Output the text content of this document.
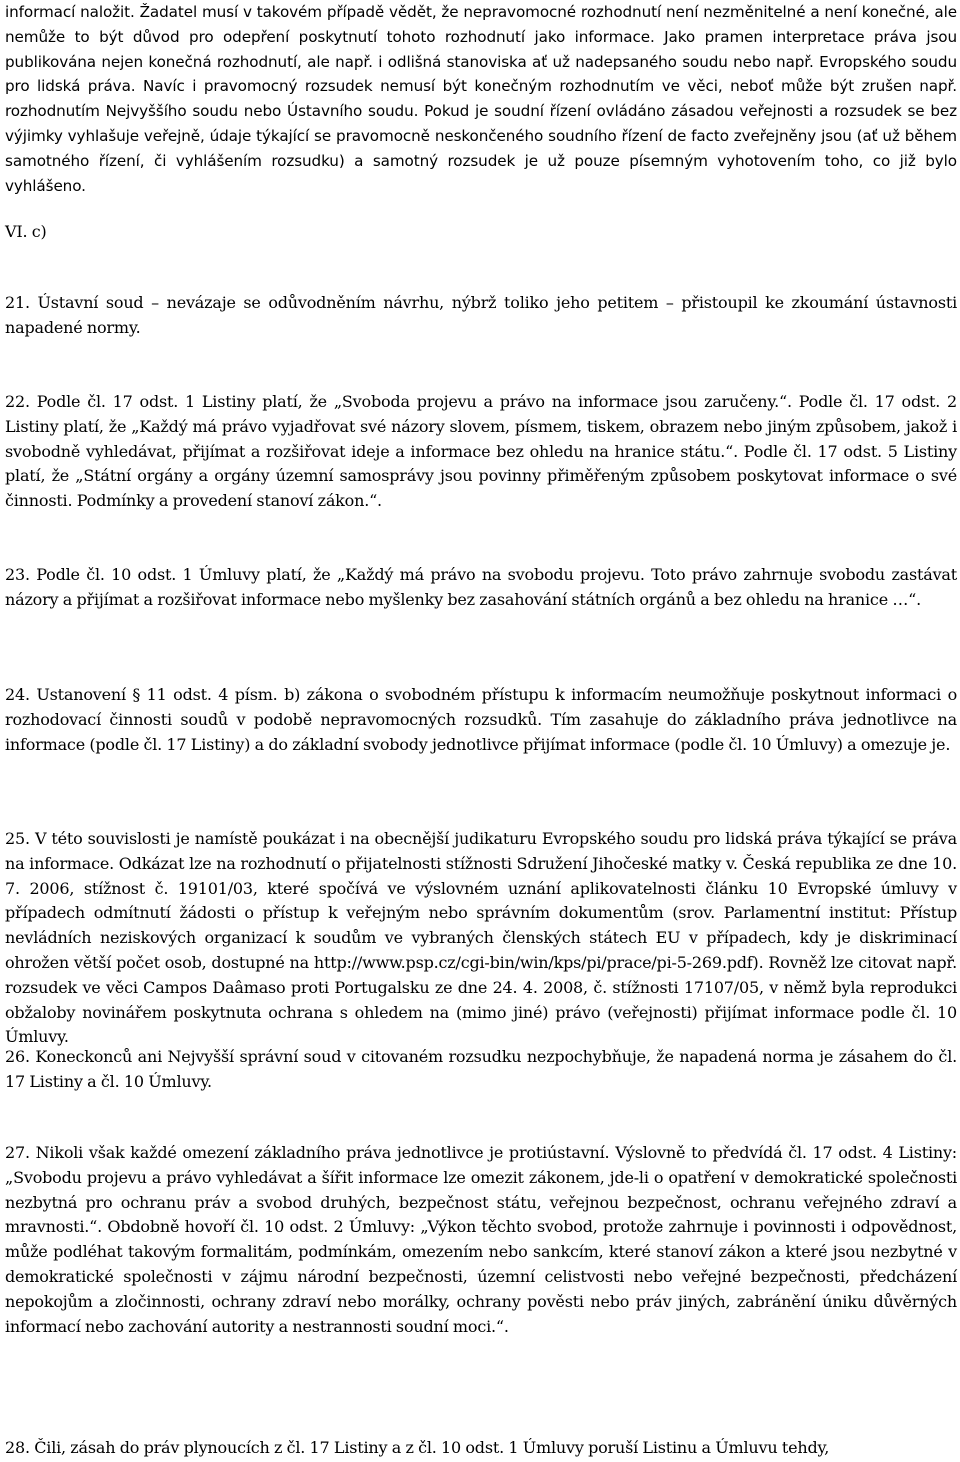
informací naložit. Žadatel musí v takovém případě vědět, že nepravomocné rozhodnutí není nezměnitelné a není konečné, ale nemůže to být důvod pro odepření poskytnutí tohoto rozhodnutí jako informace. Jako pramen interpretace práva jsou publikována nejen konečná rozhodnutí, ale např. i odlišná stanoviska ať už nadepsaného soudu nebo např. Evropského soudu pro lidská práva. Navíc i pravomocný rozsudek nemusí být konečným rozhodnutím ve věci, neboť může být zrušen např. rozhodnutím Nejvyššího soudu nebo Ústavního soudu. Pokud je soudní řízení ovládáno zásadou veřejnosti a rozsudek se bez výjimky vyhlašuje veřejně, údaje týkající se pravomocně neskončeného soudního řízení de facto zveřejněny jsou (ať už během samotného řízení, či vyhlášením rozsudku) a samotný rozsudek je už pouze písemným vyhotovením toho, co již bylo vyhlášeno.

VI. c)

21. Ústavní soud – nevázaje se odůvodněním návrhu, nýbrž toliko jeho petitem – přistoupil ke zkoumání ústavnosti napadené normy.

22. Podle čl. 17 odst. 1 Listiny platí, že „Svoboda projevu a právo na informace jsou zaručeny.“. Podle čl. 17 odst. 2 Listiny platí, že „Každý má právo vyjadřovat své názory slovem, písmem, tiskem, obrazem nebo jiným způsobem, jakož i svobodně vyhledávat, přijímat a rozšiřovat ideje a informace bez ohledu na hranice státu.“. Podle čl. 17 odst. 5 Listiny platí, že „Státní orgány a orgány územní samosprávy jsou povinny přiměřeným způsobem poskytovat informace o své činnosti. Podmínky a provedení stanoví zákon.“.

23. Podle čl. 10 odst. 1 Úmluvy platí, že „Každý má právo na svobodu projevu. Toto právo zahrnuje svobodu zastávat názory a přijímat a rozšiřovat informace nebo myšlenky bez zasahování státních orgánů a bez ohledu na hranice …“.

24. Ustanovení § 11 odst. 4 písm. b) zákona o svobodném přístupu k informacím neumožňuje poskytnout informaci o rozhodovací činnosti soudů v podobě nepravomocných rozsudků. Tím zasahuje do základního práva jednotlivce na informace (podle čl. 17 Listiny) a do základní svobody jednotlivce přijímat informace (podle čl. 10 Úmluvy) a omezuje je.

25. V této souvislosti je namístě poukázat i na obecnější judikaturu Evropského soudu pro lidská práva týkající se práva na informace. Odkázat lze na rozhodnutí o přijatelnosti stížnosti Sdružení Jihočeské matky v. Česká republika ze dne 10. 7. 2006, stížnost č. 19101/03, které spočívá ve výslovném uznání aplikovatelnosti článku 10 Evropské úmluvy v případech odmítnutí žádosti o přístup k veřejným nebo správním dokumentům (srov. Parlamentní institut: Přístup nevládních neziskových organizací k soudům ve vybraných členských státech EU v případech, kdy je diskriminací ohrožen větší počet osob, dostupné na http://www.psp.cz/cgi-bin/win/kps/pi/prace/pi-5-269.pdf). Rovněž lze citovat např. rozsudek ve věci Campos Daâmaso proti Portugalsku ze dne 24. 4. 2008, č. stížnosti 17107/05, v němž byla reprodukci obžaloby novinářem poskytnuta ochrana s ohledem na (mimo jiné) právo (veřejnosti) přijímat informace podle čl. 10 Úmluvy.

26. Koneckonců ani Nejvyšší správní soud v citovaném rozsudku nezpochybňuje, že napadená norma je zásahem do čl. 17 Listiny a čl. 10 Úmluvy.

27. Nikoli však každé omezení základního práva jednotlivce je protiústavní. Výslovně to předvídá čl. 17 odst. 4 Listiny: „Svobodu projevu a právo vyhledávat a šířit informace lze omezit zákonem, jde-li o opatření v demokratické společnosti nezbytná pro ochranu práv a svobod druhých, bezpečnost státu, veřejnou bezpečnost, ochranu veřejného zdraví a mravnosti.“. Obdobně hovoří čl. 10 odst. 2 Úmluvy: „Výkon těchto svobod, protože zahrnuje i povinnosti i odpovědnost, může podléhat takovým formalitám, podmínkám, omezením nebo sankcím, které stanoví zákon a které jsou nezbytné v demokratické společnosti v zájmu národní bezpečnosti, územní celistvosti nebo veřejné bezpečnosti, předcházení nepokojům a zločinnosti, ochrany zdraví nebo morálky, ochrany pověsti nebo práv jiných, zabránění úniku důvěrných informací nebo zachování autority a nestrannosti soudní moci.“.

28. Čili, zásah do práv plynoucích z čl. 17 Listiny a z čl. 10 odst. 1 Úmluvy poruší Listinu a Úmluvu tehdy,
